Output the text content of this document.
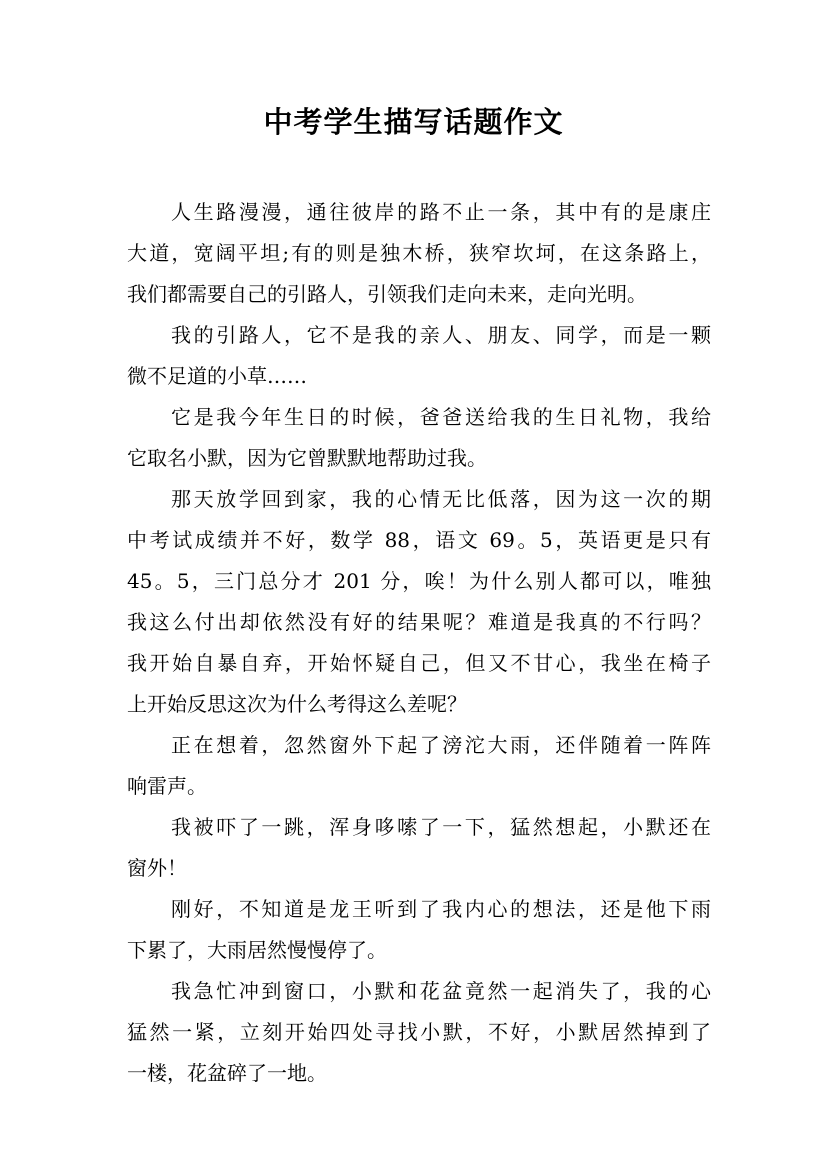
中考学生描写话题作文
人生路漫漫，通往彼岸的路不止一条，其中有的是康庄
大道，宽阔平坦;有的则是独木桥，狭窄坎坷，在这条路上，
我们都需要自己的引路人，引领我们走向未来，走向光明。
我的引路人，它不是我的亲人、朋友、同学，而是一颗
微不足道的小草……
它是我今年生日的时候，爸爸送给我的生日礼物，我给
它取名小默，因为它曾默默地帮助过我。
那天放学回到家，我的心情无比低落，因为这一次的期
中考试成绩并不好，数学 88，语文 69。5，英语更是只有
45。5，三门总分才 201 分，唉！为什么别人都可以，唯独
我这么付出却依然没有好的结果呢？难道是我真的不行吗？
我开始自暴自弃，开始怀疑自己，但又不甘心，我坐在椅子
上开始反思这次为什么考得这么差呢？
正在想着，忽然窗外下起了滂沱大雨，还伴随着一阵阵
响雷声。
我被吓了一跳，浑身哆嗦了一下，猛然想起，小默还在
窗外！
刚好，不知道是龙王听到了我内心的想法，还是他下雨
下累了，大雨居然慢慢停了。
我急忙冲到窗口，小默和花盆竟然一起消失了，我的心
猛然一紧，立刻开始四处寻找小默，不好，小默居然掉到了
一楼，花盆碎了一地。
